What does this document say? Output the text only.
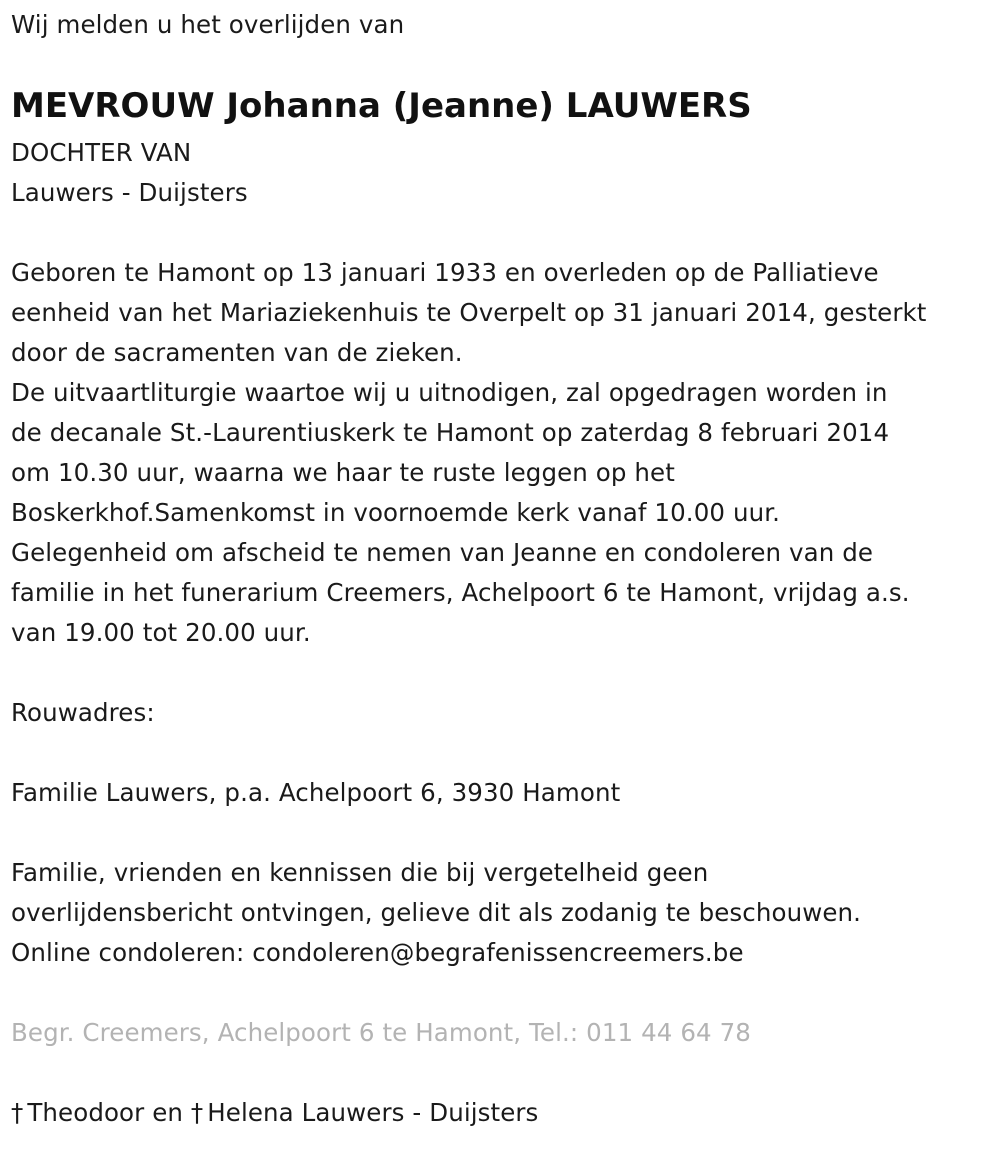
Wij melden u het overlijden van
MEVROUW Johanna (Jeanne) LAUWERS
DOCHTER VAN
Lauwers - Duijsters
Geboren te Hamont op 13 januari 1933 en overleden op de Palliatieve
eenheid van het Mariaziekenhuis te Overpelt op 31 januari 2014, gesterkt
door de sacramenten van de zieken.
De uitvaartliturgie waartoe wij u uitnodigen, zal opgedragen worden in
de decanale St.-Laurentiuskerk te Hamont op zaterdag 8 februari 2014
om 10.30 uur, waarna we haar te ruste leggen op het
Boskerkhof.Samenkomst in voornoemde kerk vanaf 10.00 uur.
Gelegenheid om afscheid te nemen van Jeanne en condoleren van de
familie in het funerarium Creemers, Achelpoort 6 te Hamont, vrijdag a.s.
van 19.00 tot 20.00 uur.
Rouwadres:
Familie Lauwers, p.a. Achelpoort 6, 3930 Hamont
Familie, vrienden en kennissen die bij vergetelheid geen
overlijdensbericht ontvingen, gelieve dit als zodanig te beschouwen.
Online condoleren: condoleren@begrafenissencreemers.be
Begr. Creemers, Achelpoort 6 te Hamont, Tel.: 011 44 64 78
† Theodoor en † Helena Lauwers - Duijsters
